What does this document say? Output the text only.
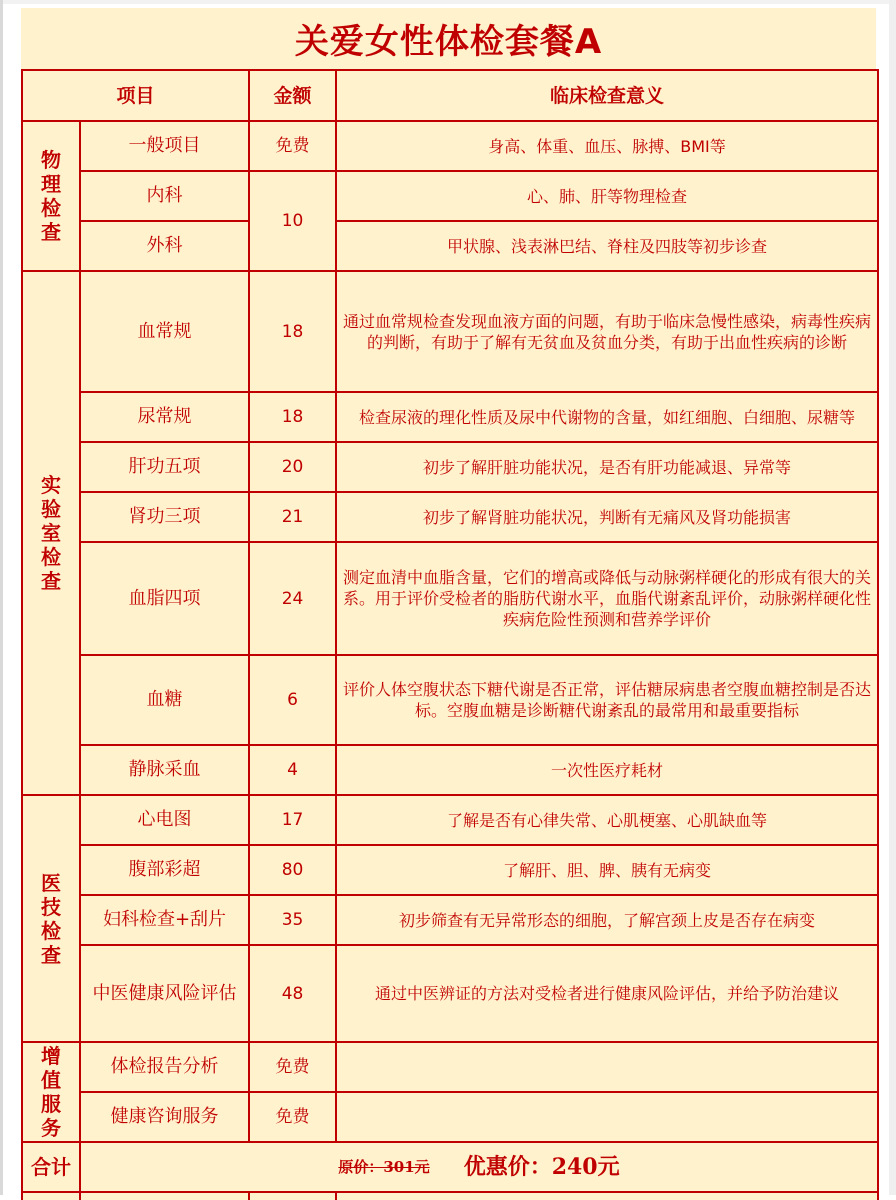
关爱女性体检套餐A
项目		金额	临床检查意义
物理检查	一般项目	免费	身高、体重、血压、脉搏、BMI等
	内科	10	心、肺、肝等物理检查
	外科		甲状腺、浅表淋巴结、脊柱及四肢等初步诊查
实验室检查	血常规	18	通过血常规检查发现血液方面的问题，有助于临床急慢性感染，病毒性疾病的判断，有助于了解有无贫血及贫血分类，有助于出血性疾病的诊断
	尿常规	18	检查尿液的理化性质及尿中代谢物的含量，如红细胞、白细胞、尿糖等
	肝功五项	20	初步了解肝脏功能状况，是否有肝功能减退、异常等
	肾功三项	21	初步了解肾脏功能状况，判断有无痛风及肾功能损害
	血脂四项	24	测定血清中血脂含量，它们的增高或降低与动脉粥样硬化的形成有很大的关系。用于评价受检者的脂肪代谢水平，血脂代谢紊乱评价，动脉粥样硬化性疾病危险性预测和营养学评价
	血糖	6	评价人体空腹状态下糖代谢是否正常，评估糖尿病患者空腹血糖控制是否达标。空腹血糖是诊断糖代谢紊乱的最常用和最重要指标
	静脉采血	4	一次性医疗耗材
医技检查	心电图	17	了解是否有心律失常、心肌梗塞、心肌缺血等
	腹部彩超	80	了解肝、胆、脾、胰有无病变
	妇科检查+刮片	35	初步筛查有无异常形态的细胞，了解宫颈上皮是否存在病变
	中医健康风险评估	48	通过中医辨证的方法对受检者进行健康风险评估，并给予防治建议
增值服务	体检报告分析	免费	
	健康咨询服务	免费	
合计	原价：301元 优惠价：240元		
